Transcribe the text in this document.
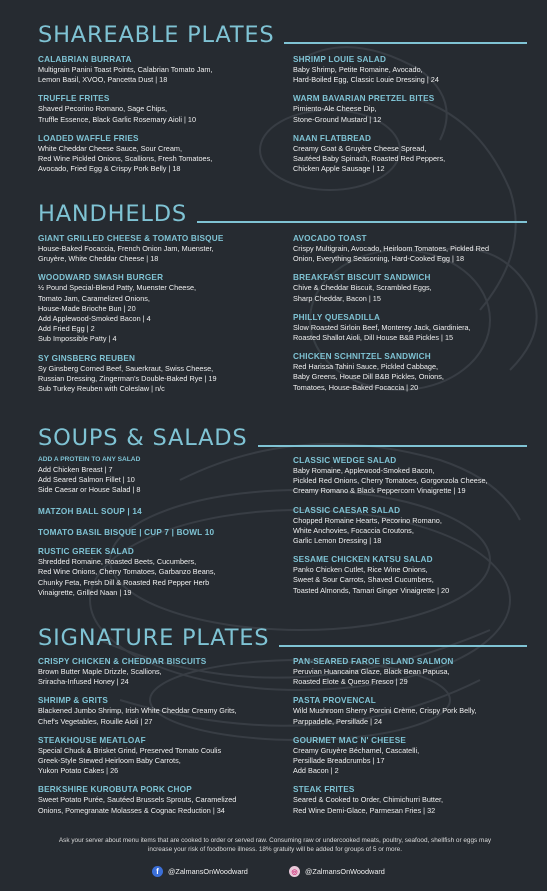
SHAREABLE PLATES
CALABRIAN BURRATA
Multigrain Panini Toast Points, Calabrian Tomato Jam,
Lemon Basil, XVOO, Pancetta Dust | 18
TRUFFLE FRITES
Shaved Pecorino Romano, Sage Chips,
Truffle Essence, Black Garlic Rosemary Aioli | 10
LOADED WAFFLE FRIES
White Cheddar Cheese Sauce, Sour Cream,
Red Wine Pickled Onions, Scallions, Fresh Tomatoes,
Avocado, Fried Egg & Crispy Pork Belly | 18
SHRIMP LOUIE SALAD
Baby Shrimp, Petite Romaine, Avocado,
Hard-Boiled Egg, Classic Louie Dressing | 24
WARM BAVARIAN PRETZEL BITES
Pimiento-Ale Cheese Dip,
Stone-Ground Mustard | 12
NAAN FLATBREAD
Creamy Goat & Gruyère Cheese Spread,
Sautéed Baby Spinach, Roasted Red Peppers,
Chicken Apple Sausage | 12
HANDHELDS
GIANT GRILLED CHEESE & TOMATO BISQUE
House-Baked Focaccia, French Onion Jam, Muenster,
Gruyère, White Cheddar Cheese | 18
WOODWARD SMASH BURGER
½ Pound Special-Blend Patty, Muenster Cheese,
Tomato Jam, Caramelized Onions,
House-Made Brioche Bun | 20
Add Applewood-Smoked Bacon | 4
Add Fried Egg | 2
Sub Impossible Patty | 4
SY GINSBERG REUBEN
Sy Ginsberg Corned Beef, Sauerkraut, Swiss Cheese,
Russian Dressing, Zingerman's Double-Baked Rye | 19
Sub Turkey Reuben with Coleslaw | n/c
AVOCADO TOAST
Crispy Multigrain, Avocado, Heirloom Tomatoes, Pickled Red
Onion, Everything Seasoning, Hard-Cooked Egg | 18
BREAKFAST BISCUIT SANDWICH
Chive & Cheddar Biscuit, Scrambled Eggs,
Sharp Cheddar, Bacon | 15
PHILLY QUESADILLA
Slow Roasted Sirloin Beef, Monterey Jack, Giardiniera,
Roasted Shallot Aioli, Dill House B&B Pickles | 15
CHICKEN SCHNITZEL SANDWICH
Red Harissa Tahini Sauce, Pickled Cabbage,
Baby Greens, House Dill B&B Pickles, Onions,
Tomatoes, House-Baked Focaccia | 20
SOUPS & SALADS
ADD A PROTEIN TO ANY SALAD
Add Chicken Breast | 7
Add Seared Salmon Fillet | 10
Side Caesar or House Salad | 8
MATZOH BALL SOUP | 14
TOMATO BASIL BISQUE | CUP 7 | BOWL 10
RUSTIC GREEK SALAD
Shredded Romaine, Roasted Beets, Cucumbers,
Red Wine Onions, Cherry Tomatoes, Garbanzo Beans,
Chunky Feta, Fresh Dill & Roasted Red Pepper Herb
Vinaigrette, Grilled Naan | 19
CLASSIC WEDGE SALAD
Baby Romaine, Applewood-Smoked Bacon,
Pickled Red Onions, Cherry Tomatoes, Gorgonzola Cheese,
Creamy Romano & Black Peppercorn Vinaigrette | 19
CLASSIC CAESAR SALAD
Chopped Romaine Hearts, Pecorino Romano,
White Anchovies, Focaccia Croutons,
Garlic Lemon Dressing | 18
SESAME CHICKEN KATSU SALAD
Panko Chicken Cutlet, Rice Wine Onions,
Sweet & Sour Carrots, Shaved Cucumbers,
Toasted Almonds, Tamari Ginger Vinaigrette | 20
SIGNATURE PLATES
CRISPY CHICKEN & CHEDDAR BISCUITS
Brown Butter Maple Drizzle, Scallions,
Sriracha-Infused Honey | 24
SHRIMP & GRITS
Blackened Jumbo Shrimp, Irish White Cheddar Creamy Grits,
Chef's Vegetables, Rouille Aioli | 27
STEAKHOUSE MEATLOAF
Special Chuck & Brisket Grind, Preserved Tomato Coulis
Greek-Style Stewed Heirloom Baby Carrots,
Yukon Potato Cakes | 26
BERKSHIRE KUROBUTA PORK CHOP
Sweet Potato Purée, Sautéed Brussels Sprouts, Caramelized
Onions, Pomegranate Molasses & Cognac Reduction | 34
PAN-SEARED FAROE ISLAND SALMON
Peruvian Huancaina Glaze, Black Bean Papusa,
Roasted Elote & Queso Fresco | 29
PASTA PROVENCAL
Wild Mushroom Sherry Porcini Crème, Crispy Pork Belly,
Parppadelle, Persillade | 24
GOURMET MAC N' CHEESE
Creamy Gruyère Béchamel, Cascatelli,
Persillade Breadcrumbs | 17
Add Bacon | 2
STEAK FRITES
Seared & Cooked to Order, Chimichurri Butter,
Red Wine Demi-Glace, Parmesan Fries | 32
Ask your server about menu items that are cooked to order or served raw. Consuming raw or undercooked meats, poultry, seafood, shellfish or eggs may increase your risk of foodborne illness. 18% gratuity will be added for groups of 5 or more.
f	@ZalmansOnWoodward	◎	@ZalmansOnWoodward
